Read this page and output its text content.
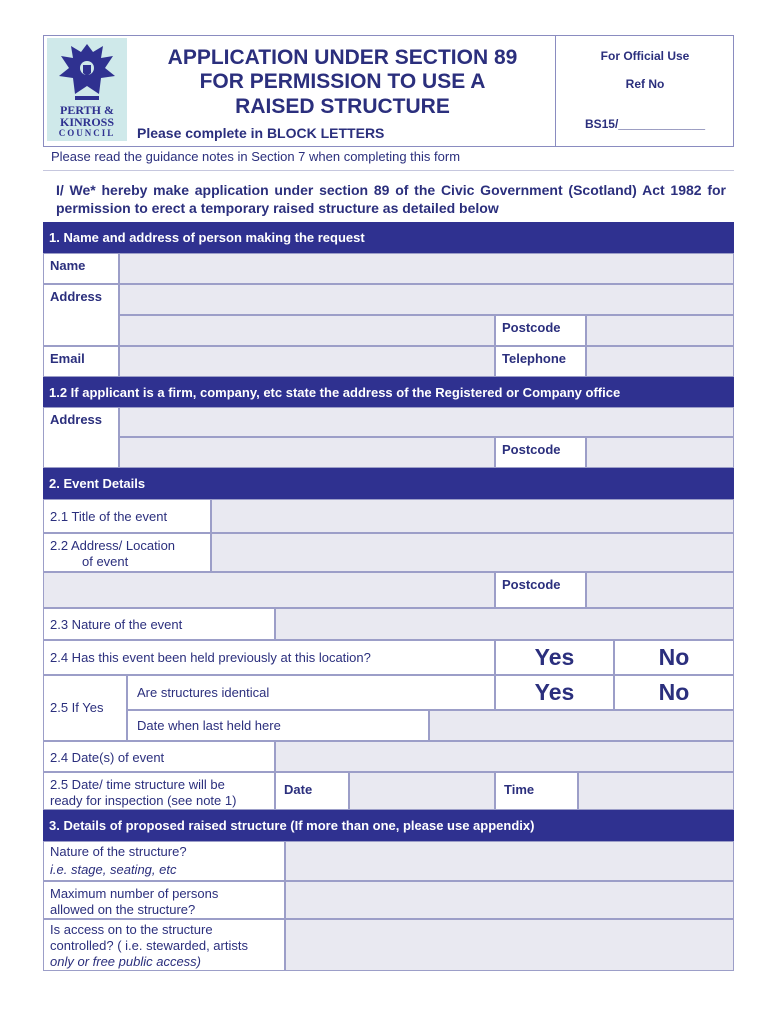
PERTH &
KINROSS
COUNCIL
APPLICATION UNDER SECTION 89
FOR PERMISSION TO USE A
RAISED STRUCTURE
Please complete in BLOCK LETTERS
For Official Use
Ref No
BS15/_____________
Please read the guidance notes in Section 7 when completing this form
I/ We* hereby make application under section 89 of the Civic Government (Scotland) Act 1982 for permission to erect a temporary raised structure as detailed below
1. Name and address of person making the request
Name
Address
Postcode
Email	Telephone
1.2 If applicant is a firm, company, etc state the address of the Registered or Company office
Address
Postcode
2. Event Details
2.1 Title of the event
2.2 Address/ Location
of event
Postcode
2.3 Nature of the event
2.4 Has this event been held previously at this location?	Yes	No
2.5 If Yes
Are structures identical	Yes	No
Date when last held here
2.4 Date(s) of event
2.5 Date/ time structure will be
ready for inspection (see note 1)
Date	Time
3. Details of proposed raised structure (If more than one, please use appendix)
Nature of the structure?
i.e. stage, seating, etc
Maximum number of persons
allowed on the structure?
Is access on to the structure
controlled? ( i.e. stewarded, artists
only or free public access)
